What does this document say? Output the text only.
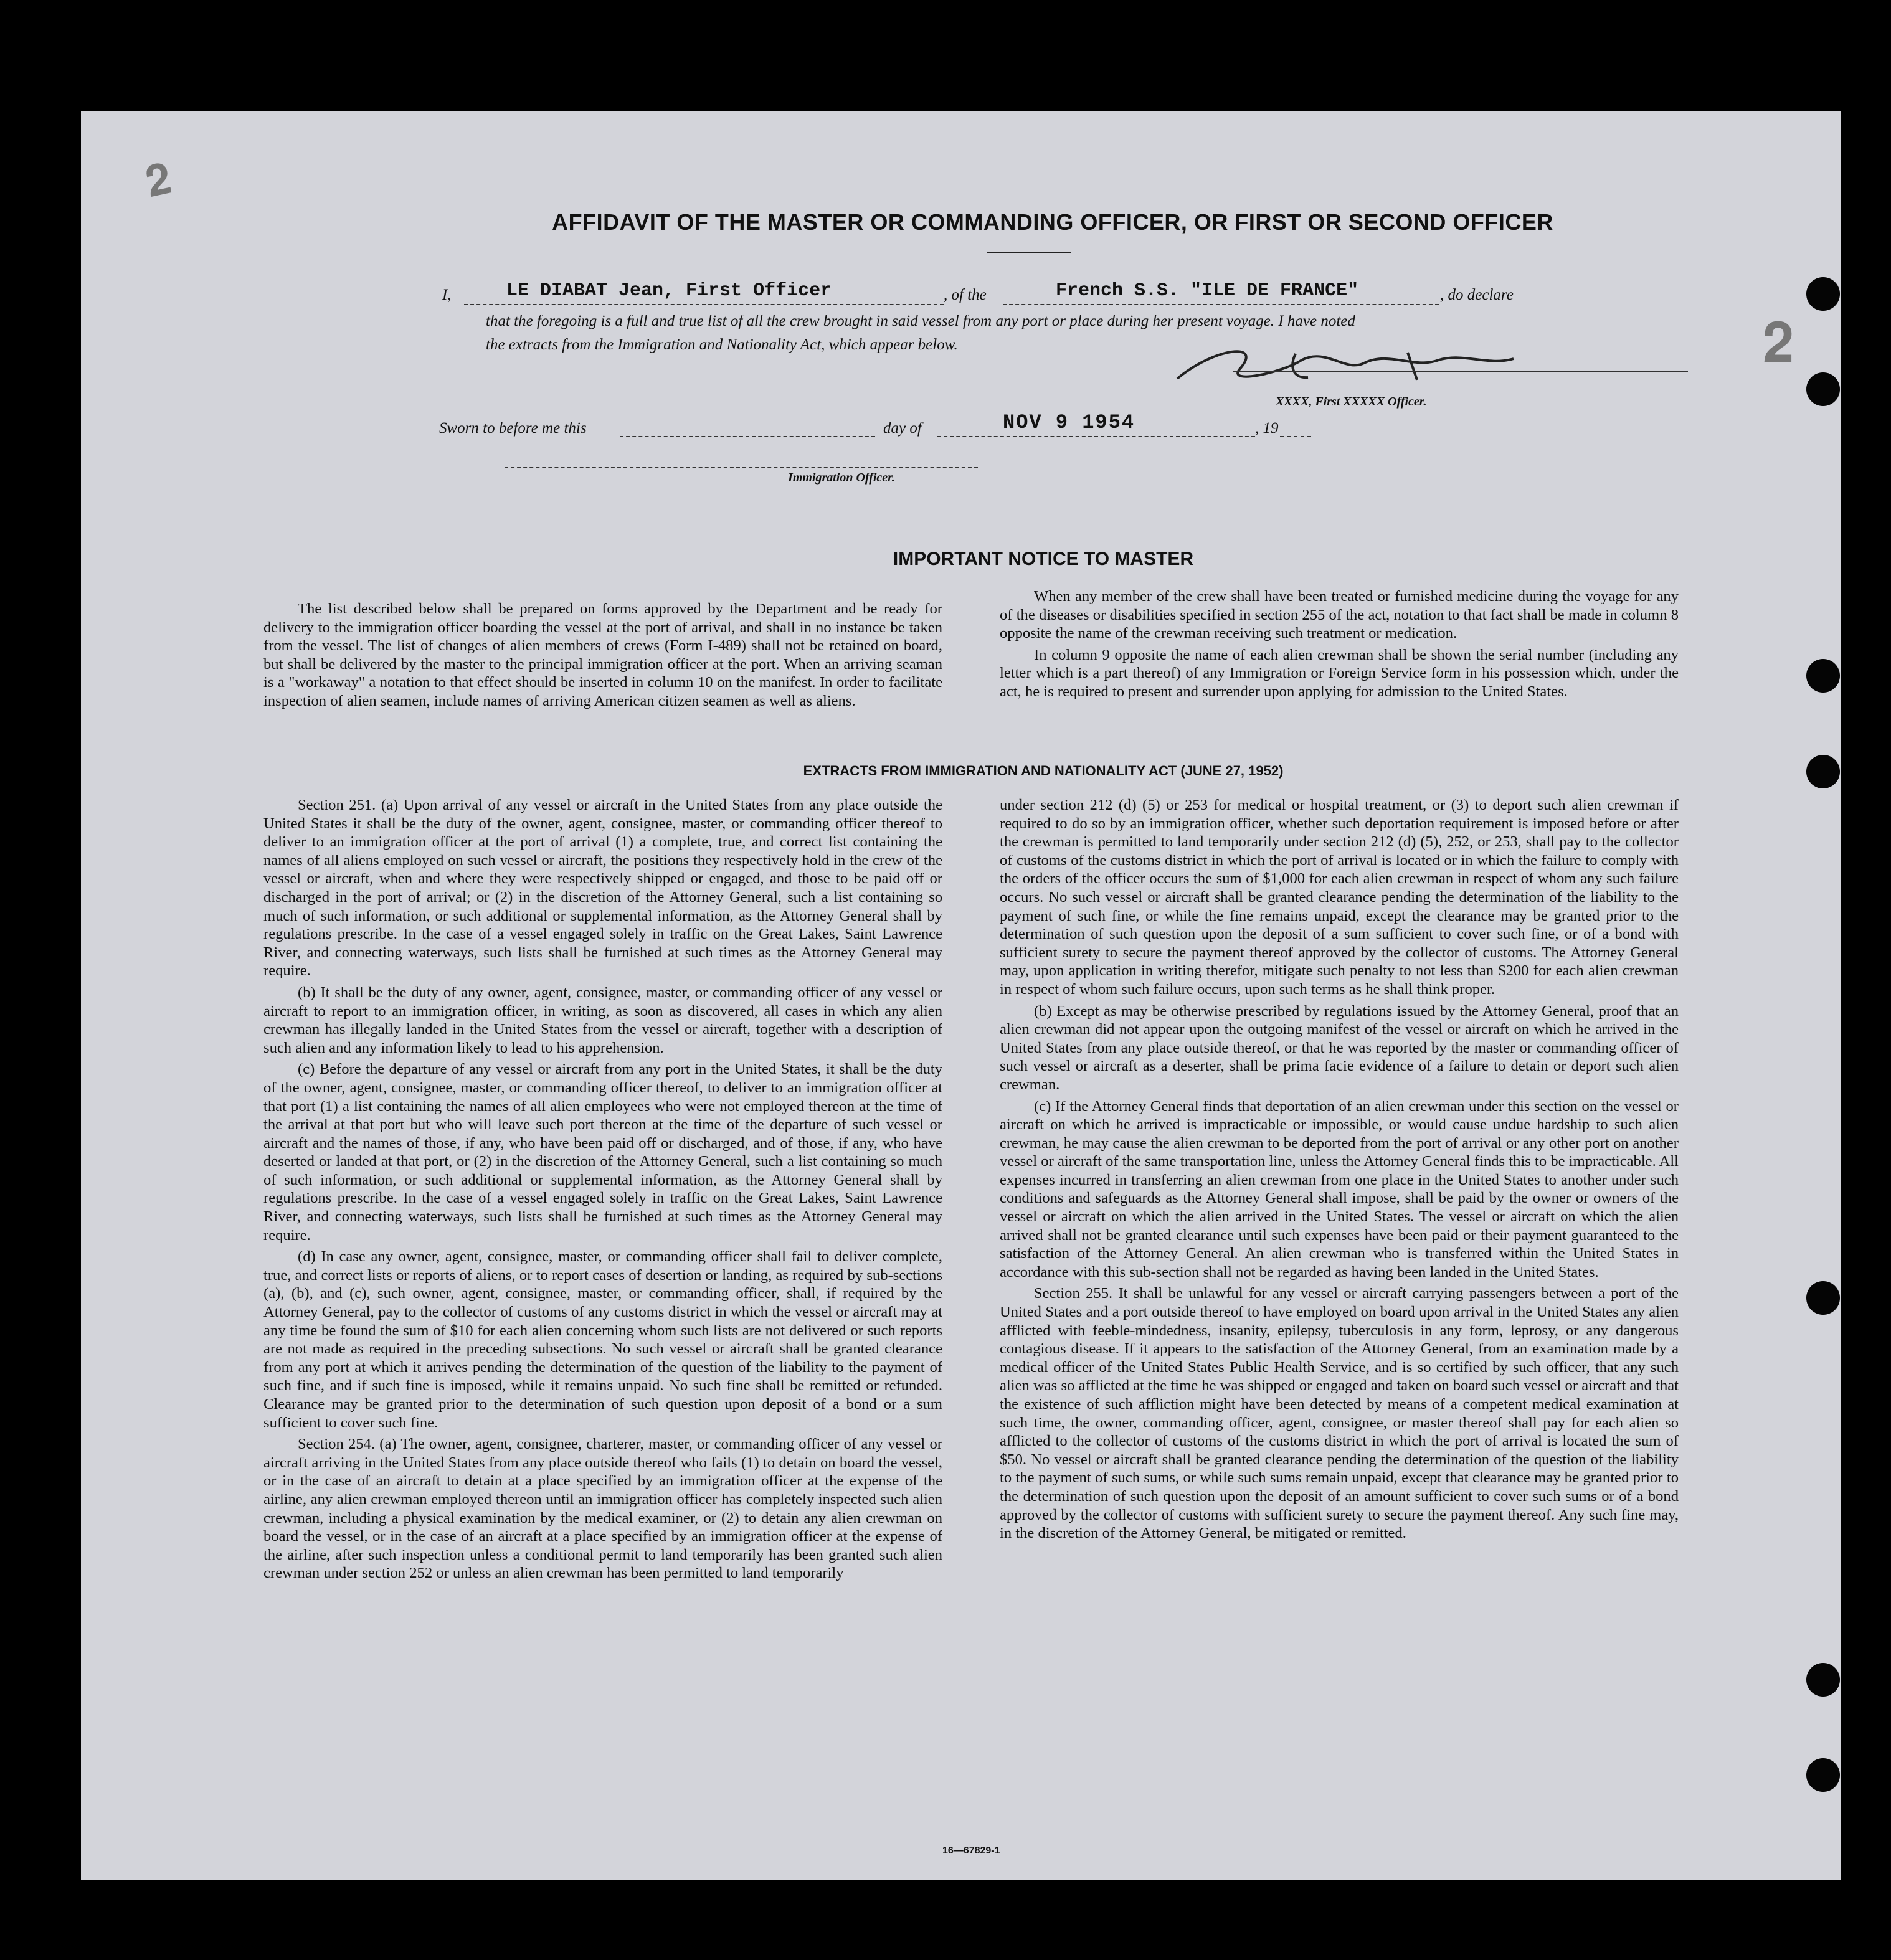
𝟐
𝟐
AFFIDAVIT OF THE MASTER OR COMMANDING OFFICER, OR FIRST OR SECOND OFFICER
I,	LE DIABAT Jean, First Officer	, of the	French S.S. "ILE DE FRANCE"	, do declare
that the foregoing is a full and true list of all the crew brought in said vessel from any port or place during her present voyage. I have noted
the extracts from the Immigration and Nationality Act, which appear below.
XXXX, First XXXXX Officer.
Sworn to before me this	day of	NOV 9 1954	, 19
Immigration Officer.
IMPORTANT NOTICE TO MASTER

The list described below shall be prepared on forms approved by the Department and be ready for delivery to the immigration officer boarding the vessel at the port of arrival, and shall in no instance be taken from the vessel. The list of changes of alien members of crews (Form I-489) shall not be retained on board, but shall be delivered by the master to the principal immigration officer at the port. When an arriving seaman is a "workaway" a notation to that effect should be inserted in column 10 on the manifest. In order to facilitate inspection of alien seamen, include names of arriving American citizen seamen as well as aliens.

When any member of the crew shall have been treated or furnished medicine during the voyage for any of the diseases or disabilities specified in section 255 of the act, notation to that fact shall be made in column 8 opposite the name of the crewman receiving such treatment or medication.

In column 9 opposite the name of each alien crewman shall be shown the serial number (including any letter which is a part thereof) of any Immigration or Foreign Service form in his possession which, under the act, he is required to present and surrender upon applying for admission to the United States.

EXTRACTS FROM IMMIGRATION AND NATIONALITY ACT (JUNE 27, 1952)

Section 251. (a) Upon arrival of any vessel or aircraft in the United States from any place outside the United States it shall be the duty of the owner, agent, consignee, master, or commanding officer thereof to deliver to an immigration officer at the port of arrival (1) a complete, true, and correct list containing the names of all aliens employed on such vessel or aircraft, the positions they respectively hold in the crew of the vessel or aircraft, when and where they were respectively shipped or engaged, and those to be paid off or discharged in the port of arrival; or (2) in the discretion of the Attorney General, such a list containing so much of such information, or such additional or supplemental information, as the Attorney General shall by regulations prescribe. In the case of a vessel engaged solely in traffic on the Great Lakes, Saint Lawrence River, and connecting waterways, such lists shall be furnished at such times as the Attorney General may require.

(b) It shall be the duty of any owner, agent, consignee, master, or commanding officer of any vessel or aircraft to report to an immigration officer, in writing, as soon as discovered, all cases in which any alien crewman has illegally landed in the United States from the vessel or aircraft, together with a description of such alien and any information likely to lead to his apprehension.

(c) Before the departure of any vessel or aircraft from any port in the United States, it shall be the duty of the owner, agent, consignee, master, or commanding officer thereof, to deliver to an immigration officer at that port (1) a list containing the names of all alien employees who were not employed thereon at the time of the arrival at that port but who will leave such port thereon at the time of the departure of such vessel or aircraft and the names of those, if any, who have been paid off or discharged, and of those, if any, who have deserted or landed at that port, or (2) in the discretion of the Attorney General, such a list containing so much of such information, or such additional or supplemental information, as the Attorney General shall by regulations prescribe. In the case of a vessel engaged solely in traffic on the Great Lakes, Saint Lawrence River, and connecting waterways, such lists shall be furnished at such times as the Attorney General may require.

(d) In case any owner, agent, consignee, master, or commanding officer shall fail to deliver complete, true, and correct lists or reports of aliens, or to report cases of desertion or landing, as required by sub-sections (a), (b), and (c), such owner, agent, consignee, master, or commanding officer, shall, if required by the Attorney General, pay to the collector of customs of any customs district in which the vessel or aircraft may at any time be found the sum of $10 for each alien concerning whom such lists are not delivered or such reports are not made as required in the preceding subsections. No such vessel or aircraft shall be granted clearance from any port at which it arrives pending the determination of the question of the liability to the payment of such fine, and if such fine is imposed, while it remains unpaid. No such fine shall be remitted or refunded. Clearance may be granted prior to the determination of such question upon deposit of a bond or a sum sufficient to cover such fine.

Section 254. (a) The owner, agent, consignee, charterer, master, or commanding officer of any vessel or aircraft arriving in the United States from any place outside thereof who fails (1) to detain on board the vessel, or in the case of an aircraft to detain at a place specified by an immigration officer at the expense of the airline, any alien crewman employed thereon until an immigration officer has completely inspected such alien crewman, including a physical examination by the medical examiner, or (2) to detain any alien crewman on board the vessel, or in the case of an aircraft at a place specified by an immigration officer at the expense of the airline, after such inspection unless a conditional permit to land temporarily has been granted such alien crewman under section 252 or unless an alien crewman has been permitted to land temporarily

under section 212 (d) (5) or 253 for medical or hospital treatment, or (3) to deport such alien crewman if required to do so by an immigration officer, whether such deportation requirement is imposed before or after the crewman is permitted to land temporarily under section 212 (d) (5), 252, or 253, shall pay to the collector of customs of the customs district in which the port of arrival is located or in which the failure to comply with the orders of the officer occurs the sum of $1,000 for each alien crewman in respect of whom any such failure occurs. No such vessel or aircraft shall be granted clearance pending the determination of the liability to the payment of such fine, or while the fine remains unpaid, except the clearance may be granted prior to the determination of such question upon the deposit of a sum sufficient to cover such fine, or of a bond with sufficient surety to secure the payment thereof approved by the collector of customs. The Attorney General may, upon application in writing therefor, mitigate such penalty to not less than $200 for each alien crewman in respect of whom such failure occurs, upon such terms as he shall think proper.

(b) Except as may be otherwise prescribed by regulations issued by the Attorney General, proof that an alien crewman did not appear upon the outgoing manifest of the vessel or aircraft on which he arrived in the United States from any place outside thereof, or that he was reported by the master or commanding officer of such vessel or aircraft as a deserter, shall be prima facie evidence of a failure to detain or deport such alien crewman.

(c) If the Attorney General finds that deportation of an alien crewman under this section on the vessel or aircraft on which he arrived is impracticable or impossible, or would cause undue hardship to such alien crewman, he may cause the alien crewman to be deported from the port of arrival or any other port on another vessel or aircraft of the same transportation line, unless the Attorney General finds this to be impracticable. All expenses incurred in transferring an alien crewman from one place in the United States to another under such conditions and safeguards as the Attorney General shall impose, shall be paid by the owner or owners of the vessel or aircraft on which the alien arrived in the United States. The vessel or aircraft on which the alien arrived shall not be granted clearance until such expenses have been paid or their payment guaranteed to the satisfaction of the Attorney General. An alien crewman who is transferred within the United States in accordance with this sub-section shall not be regarded as having been landed in the United States.

Section 255. It shall be unlawful for any vessel or aircraft carrying passengers between a port of the United States and a port outside thereof to have employed on board upon arrival in the United States any alien afflicted with feeble-mindedness, insanity, epilepsy, tuberculosis in any form, leprosy, or any dangerous contagious disease. If it appears to the satisfaction of the Attorney General, from an examination made by a medical officer of the United States Public Health Service, and is so certified by such officer, that any such alien was so afflicted at the time he was shipped or engaged and taken on board such vessel or aircraft and that the existence of such affliction might have been detected by means of a competent medical examination at such time, the owner, commanding officer, agent, consignee, or master thereof shall pay for each alien so afflicted to the collector of customs of the customs district in which the port of arrival is located the sum of $50. No vessel or aircraft shall be granted clearance pending the determination of the question of the liability to the payment of such sums, or while such sums remain unpaid, except that clearance may be granted prior to the determination of such question upon the deposit of an amount sufficient to cover such sums or of a bond approved by the collector of customs with sufficient surety to secure the payment thereof. Any such fine may, in the discretion of the Attorney General, be mitigated or remitted.

16—67829-1
